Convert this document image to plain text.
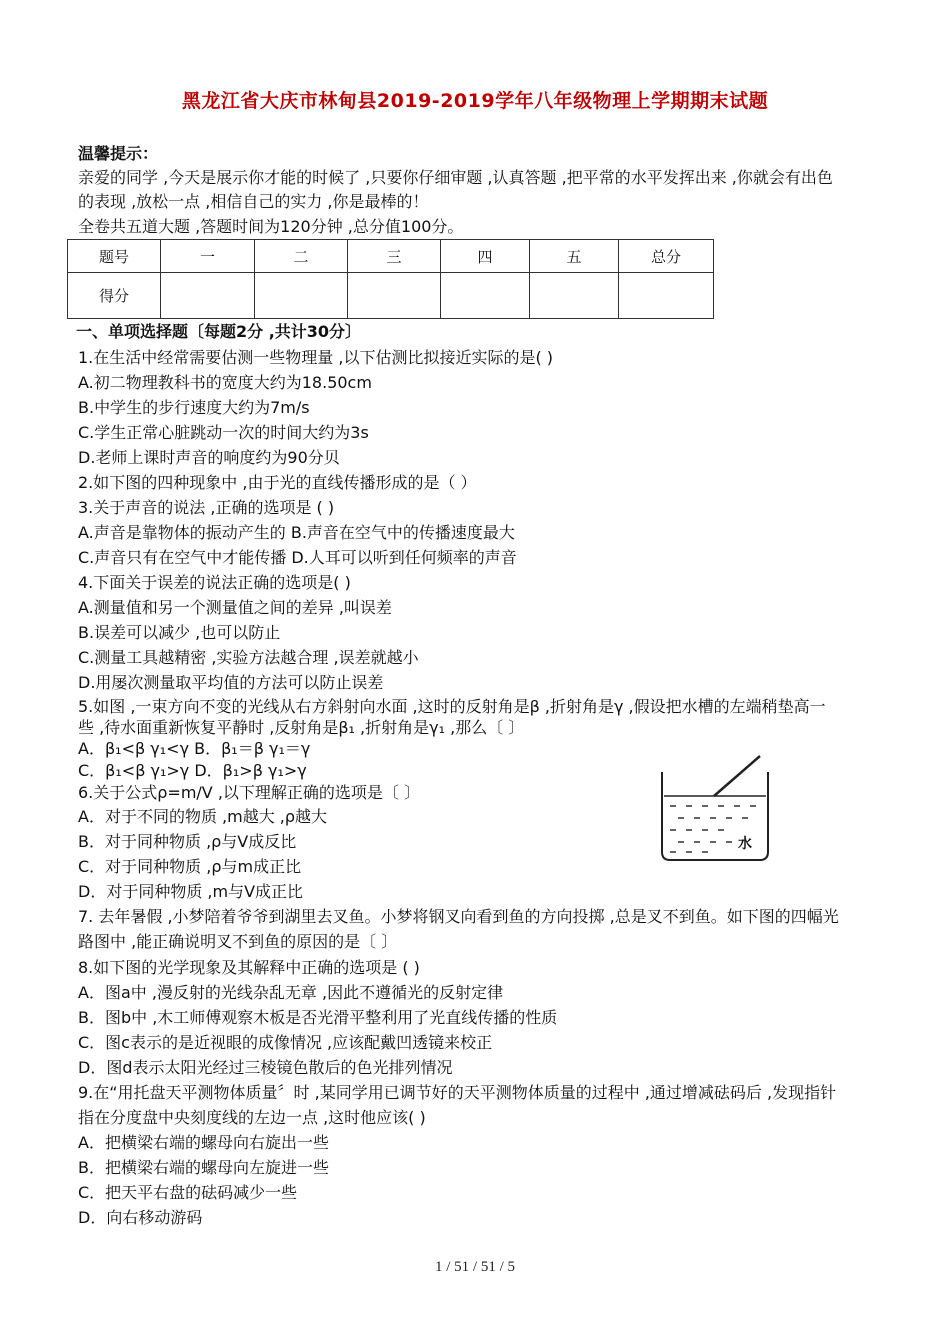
黑龙江省大庆市林甸县2019-2019学年八年级物理上学期期末试题
温馨提示：
亲爱的同学 ,今天是展示你才能的时候了 ,只要你仔细审题 ,认真答题 ,把平常的水平发挥出来 ,你就会有出色
的表现 ,放松一点 ,相信自己的实力 ,你是最棒的！
全卷共五道大题 ,答题时间为120分钟 ,总分值100分。
题号	一	二	三	四	五	总分
得分						
一、单项选择题〔每题2分 ,共计30分〕
1.在生活中经常需要估测一些物理量 ,以下估测比拟接近实际的是( )
A.初二物理教科书的宽度大约为18.50cm
B.中学生的步行速度大约为7m/s
C.学生正常心脏跳动一次的时间大约为3s
D.老师上课时声音的响度约为90分贝
2.如下图的四种现象中 ,由于光的直线传播形成的是（ ）
3.关于声音的说法 ,正确的选项是 ( )
A.声音是靠物体的振动产生的 B.声音在空气中的传播速度最大
C.声音只有在空气中才能传播 D.人耳可以听到任何频率的声音
4.下面关于误差的说法正确的选项是( )
A.测量值和另一个测量值之间的差异 ,叫误差
B.误差可以减少 ,也可以防止
C.测量工具越精密 ,实验方法越合理 ,误差就越小
D.用屡次测量取平均值的方法可以防止误差
5.如图 ,一束方向不变的光线从右方斜射向水面 ,这时的反射角是β ,折射角是γ ,假设把水槽的左端稍垫高一
些 ,待水面重新恢复平静时 ,反射角是β₁ ,折射角是γ₁ ,那么〔 〕
A．β₁<β γ₁<γ B．β₁＝β γ₁＝γ
C．β₁<β γ₁>γ D．β₁>β γ₁>γ
6.关于公式ρ=m/V ,以下理解正确的选项是〔 〕
A．对于不同的物质 ,m越大 ,ρ越大
B．对于同种物质 ,ρ与V成反比
C．对于同种物质 ,ρ与m成正比
D．对于同种物质 ,m与V成正比
7. 去年暑假 ,小梦陪着爷爷到湖里去叉鱼。小梦将钢叉向看到鱼的方向投掷 ,总是叉不到鱼。如下图的四幅光
路图中 ,能正确说明叉不到鱼的原因的是〔 〕
8.如下图的光学现象及其解释中正确的选项是 ( )
A．图a中 ,漫反射的光线杂乱无章 ,因此不遵循光的反射定律
B．图b中 ,木工师傅观察木板是否光滑平整利用了光直线传播的性质
C．图c表示的是近视眼的成像情况 ,应该配戴凹透镜来校正
D．图d表示太阳光经过三棱镜色散后的色光排列情况
9.在“用托盘天平测物体质量〞时 ,某同学用已调节好的天平测物体质量的过程中 ,通过增减砝码后 ,发现指针
指在分度盘中央刻度线的左边一点 ,这时他应该( )
A．把横梁右端的螺母向右旋出一些
B．把横梁右端的螺母向左旋进一些
C．把天平右盘的砝码减少一些
D．向右移动游码
水
1 / 51 / 51 / 5
